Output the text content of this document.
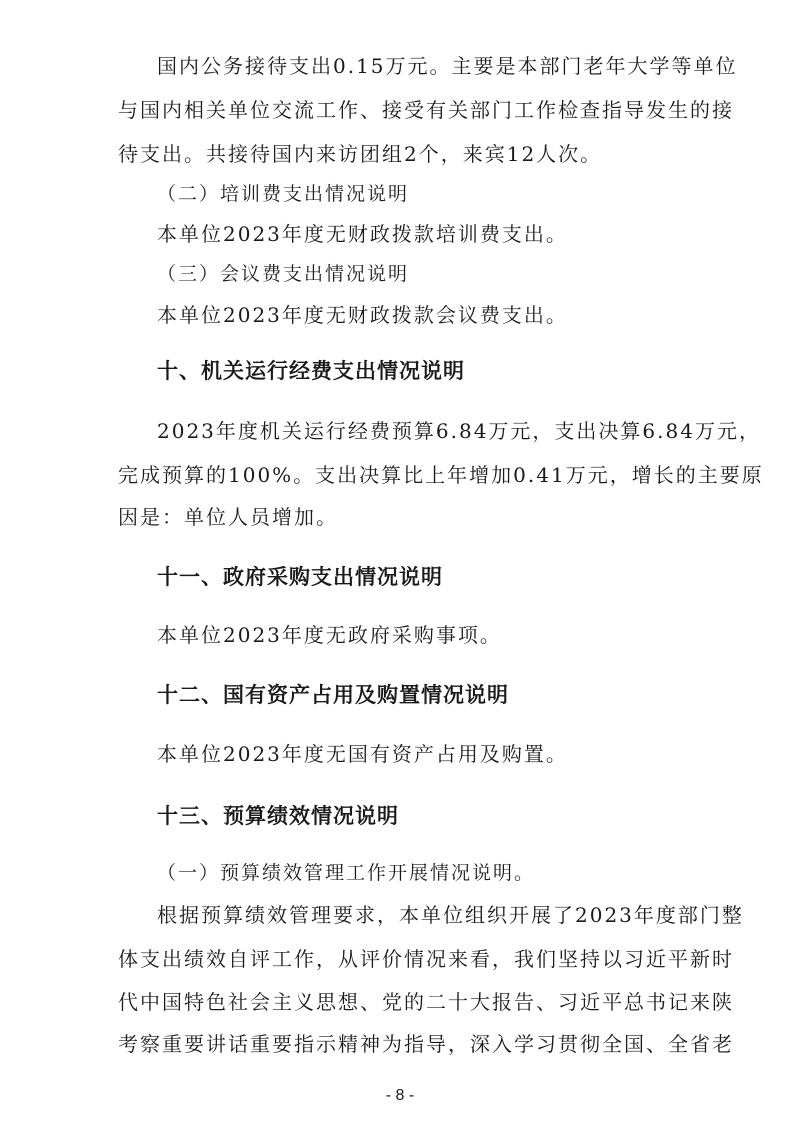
国内公务接待支出0.15万元。主要是本部门老年大学等单位

与国内相关单位交流工作、接受有关部门工作检查指导发生的接

待支出。共接待国内来访团组2个，来宾12人次。

（二）培训费支出情况说明

本单位2023年度无财政拨款培训费支出。

（三）会议费支出情况说明

本单位2023年度无财政拨款会议费支出。

十、机关运行经费支出情况说明

2023年度机关运行经费预算6.84万元，支出决算6.84万元，

完成预算的100%。支出决算比上年增加0.41万元，增长的主要原

因是：单位人员增加。

十一、政府采购支出情况说明

本单位2023年度无政府采购事项。

十二、国有资产占用及购置情况说明

本单位2023年度无国有资产占用及购置。

十三、预算绩效情况说明

（一）预算绩效管理工作开展情况说明。

根据预算绩效管理要求，本单位组织开展了2023年度部门整

体支出绩效自评工作，从评价情况来看，我们坚持以习近平新时

代中国特色社会主义思想、党的二十大报告、习近平总书记来陕

考察重要讲话重要指示精神为指导，深入学习贯彻全国、全省老

- 8 -
